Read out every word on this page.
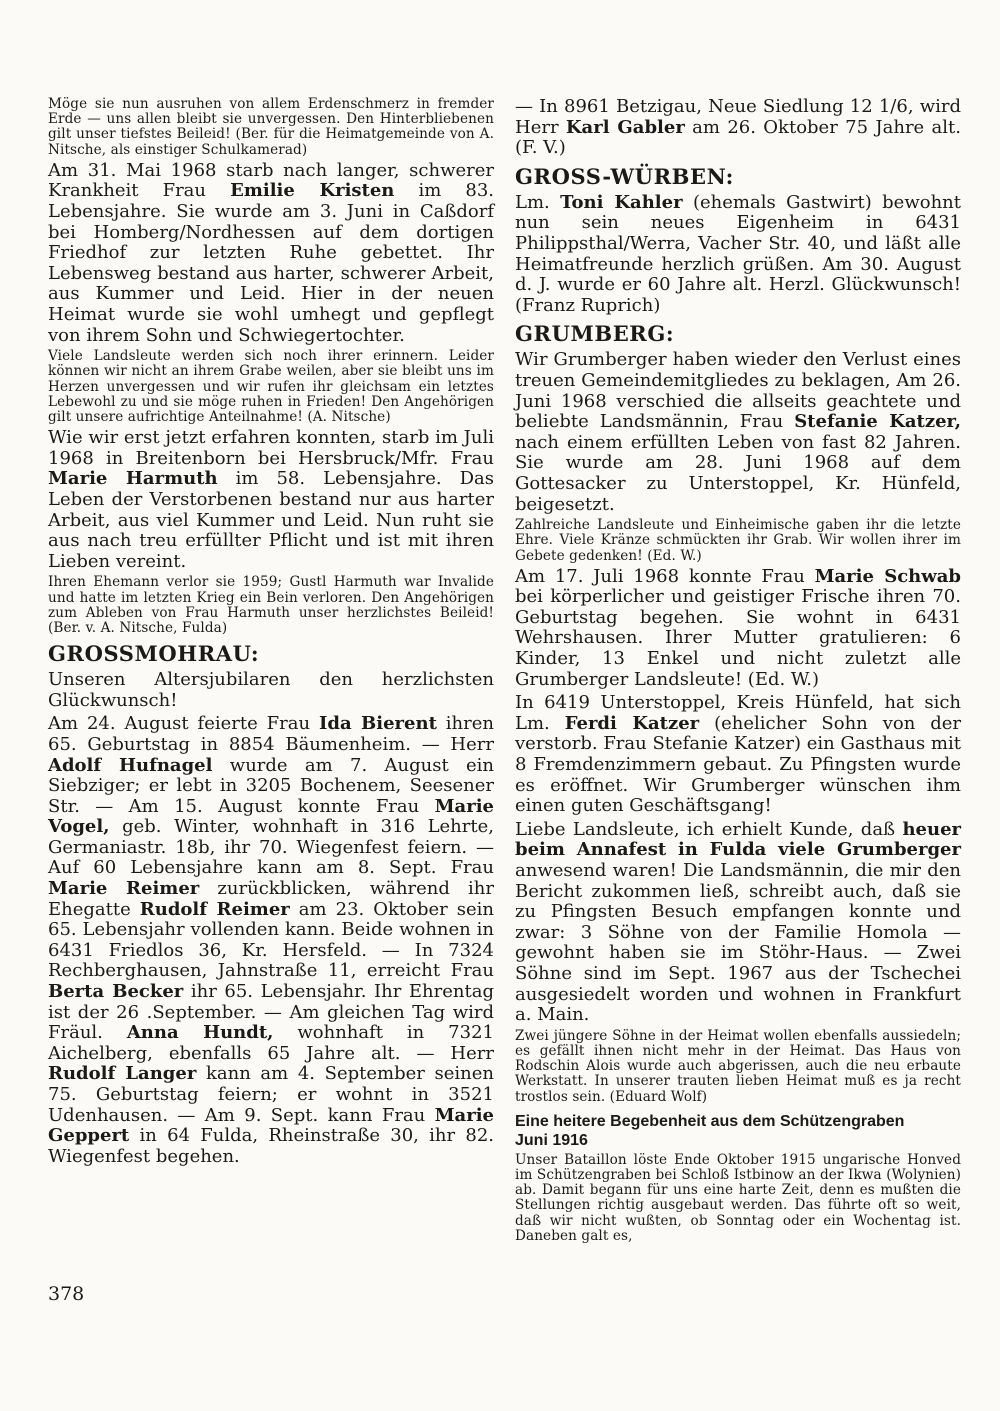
Möge sie nun ausruhen von allem Erdenschmerz in fremder Erde — uns allen bleibt sie unvergessen. Den Hinterbliebenen gilt unser tiefstes Beileid! (Ber. für die Heimatgemeinde von A. Nitsche, als einstiger Schulkamerad)

Am 31. Mai 1968 starb nach langer, schwerer Krankheit Frau Emilie Kristen im 83. Lebensjahre. Sie wurde am 3. Juni in Caßdorf bei Homberg/Nordhessen auf dem dortigen Friedhof zur letzten Ruhe gebettet. Ihr Lebensweg bestand aus harter, schwerer Arbeit, aus Kummer und Leid. Hier in der neuen Heimat wurde sie wohl umhegt und gepflegt von ihrem Sohn und Schwiegertochter.

Viele Landsleute werden sich noch ihrer erinnern. Leider können wir nicht an ihrem Grabe weilen, aber sie bleibt uns im Herzen unvergessen und wir rufen ihr gleichsam ein letztes Lebewohl zu und sie möge ruhen in Frieden! Den Angehörigen gilt unsere aufrichtige Anteilnahme! (A. Nitsche)

Wie wir erst jetzt erfahren konnten, starb im Juli 1968 in Breitenborn bei Hersbruck/Mfr. Frau Marie Harmuth im 58. Lebensjahre. Das Leben der Verstorbenen bestand nur aus harter Arbeit, aus viel Kummer und Leid. Nun ruht sie aus nach treu erfüllter Pflicht und ist mit ihren Lieben vereint.

Ihren Ehemann verlor sie 1959; Gustl Harmuth war Invalide und hatte im letzten Krieg ein Bein verloren. Den Angehörigen zum Ableben von Frau Harmuth unser herzlichstes Beileid! (Ber. v. A. Nitsche, Fulda)

GROSSMOHRAU:

Unseren Altersjubilaren den herzlichsten Glückwunsch!

Am 24. August feierte Frau Ida Bierent ihren 65. Geburtstag in 8854 Bäumenheim. — Herr Adolf Hufnagel wurde am 7. August ein Siebziger; er lebt in 3205 Bochenem, Seesener Str. — Am 15. August konnte Frau Marie Vogel, geb. Winter, wohnhaft in 316 Lehrte, Germaniastr. 18b, ihr 70. Wiegenfest feiern. — Auf 60 Lebensjahre kann am 8. Sept. Frau Marie Reimer zurückblicken, während ihr Ehegatte Rudolf Reimer am 23. Oktober sein 65. Lebensjahr vollenden kann. Beide wohnen in 6431 Friedlos 36, Kr. Hersfeld. — In 7324 Rechberghausen, Jahnstraße 11, erreicht Frau Berta Becker ihr 65. Lebensjahr. Ihr Ehrentag ist der 26 .September. — Am gleichen Tag wird Fräul. Anna Hundt, wohnhaft in 7321 Aichelberg, ebenfalls 65 Jahre alt. — Herr Rudolf Langer kann am 4. September seinen 75. Geburtstag feiern; er wohnt in 3521 Udenhausen. — Am 9. Sept. kann Frau Marie Geppert in 64 Fulda, Rheinstraße 30, ihr 82. Wiegenfest begehen.

— In 8961 Betzigau, Neue Siedlung 12 1/6, wird Herr Karl Gabler am 26. Oktober 75 Jahre alt. (F. V.)

GROSS-WÜRBEN:

Lm. Toni Kahler (ehemals Gastwirt) bewohnt nun sein neues Eigenheim in 6431 Philippsthal/Werra, Vacher Str. 40, und läßt alle Heimatfreunde herzlich grüßen. Am 30. August d. J. wurde er 60 Jahre alt. Herzl. Glückwunsch! (Franz Ruprich)

GRUMBERG:

Wir Grumberger haben wieder den Verlust eines treuen Gemeindemitgliedes zu beklagen, Am 26. Juni 1968 verschied die allseits geachtete und beliebte Landsmännin, Frau Stefanie Katzer, nach einem erfüllten Leben von fast 82 Jahren. Sie wurde am 28. Juni 1968 auf dem Gottesacker zu Unterstoppel, Kr. Hünfeld, beigesetzt.

Zahlreiche Landsleute und Einheimische gaben ihr die letzte Ehre. Viele Kränze schmückten ihr Grab. Wir wollen ihrer im Gebete gedenken! (Ed. W.)

Am 17. Juli 1968 konnte Frau Marie Schwab bei körperlicher und geistiger Frische ihren 70. Geburtstag begehen. Sie wohnt in 6431 Wehrshausen. Ihrer Mutter gratulieren: 6 Kinder, 13 Enkel und nicht zuletzt alle Grumberger Landsleute! (Ed. W.)

In 6419 Unterstoppel, Kreis Hünfeld, hat sich Lm. Ferdi Katzer (ehelicher Sohn von der verstorb. Frau Stefanie Katzer) ein Gasthaus mit 8 Fremdenzimmern gebaut. Zu Pfingsten wurde es eröffnet. Wir Grumberger wünschen ihm einen guten Geschäftsgang!

Liebe Landsleute, ich erhielt Kunde, daß heuer beim Annafest in Fulda viele Grumberger anwesend waren! Die Landsmännin, die mir den Bericht zukommen ließ, schreibt auch, daß sie zu Pfingsten Besuch empfangen konnte und zwar: 3 Söhne von der Familie Homola — gewohnt haben sie im Stöhr-Haus. — Zwei Söhne sind im Sept. 1967 aus der Tschechei ausgesiedelt worden und wohnen in Frankfurt a. Main.

Zwei jüngere Söhne in der Heimat wollen ebenfalls aussiedeln; es gefällt ihnen nicht mehr in der Heimat. Das Haus von Rodschin Alois wurde auch abgerissen, auch die neu erbaute Werkstatt. In unserer trauten lieben Heimat muß es ja recht trostlos sein. (Eduard Wolf)

Eine heitere Begebenheit aus dem Schützengraben
Juni 1916

Unser Bataillon löste Ende Oktober 1915 ungarische Honved im Schützengraben bei Schloß Istbinow an der Ikwa (Wolynien) ab. Damit begann für uns eine harte Zeit, denn es mußten die Stellungen richtig ausgebaut werden. Das führte oft so weit, daß wir nicht wußten, ob Sonntag oder ein Wochentag ist. Daneben galt es,

378
